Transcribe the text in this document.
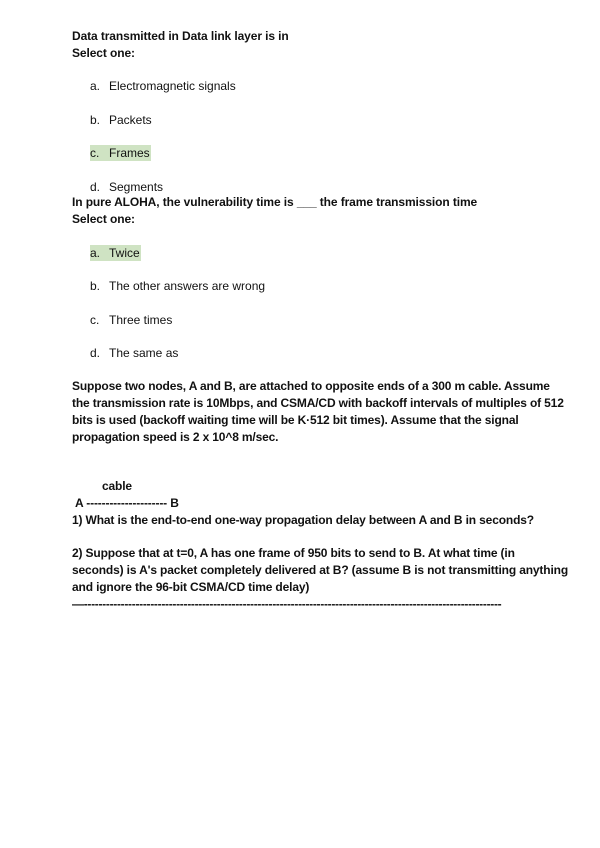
Data transmitted in Data link layer is in
Select one:
a. Electromagnetic signals
b. Packets
c. Frames
d. Segments
In pure ALOHA, the vulnerability time is ___ the frame transmission time
Select one:
a. Twice
b. The other answers are wrong
c. Three times
d. The same as
Suppose two nodes, A and B, are attached to opposite ends of a 300 m cable. Assume the transmission rate is 10Mbps, and CSMA/CD with backoff intervals of multiples of 512 bits is used (backoff waiting time will be K·512 bit times). Assume that the signal propagation speed is 2 x 10^8 m/sec.
cable
A --------------------- B
1) What is the end-to-end one-way propagation delay between A and B in seconds?
2) Suppose that at t=0, A has one frame of 950 bits to send to B. At what time (in seconds) is A's packet completely delivered at B? (assume B is not transmitting anything and ignore the 96-bit CSMA/CD time delay)
—-----------------------------------------------------------------------------------------------------------------
